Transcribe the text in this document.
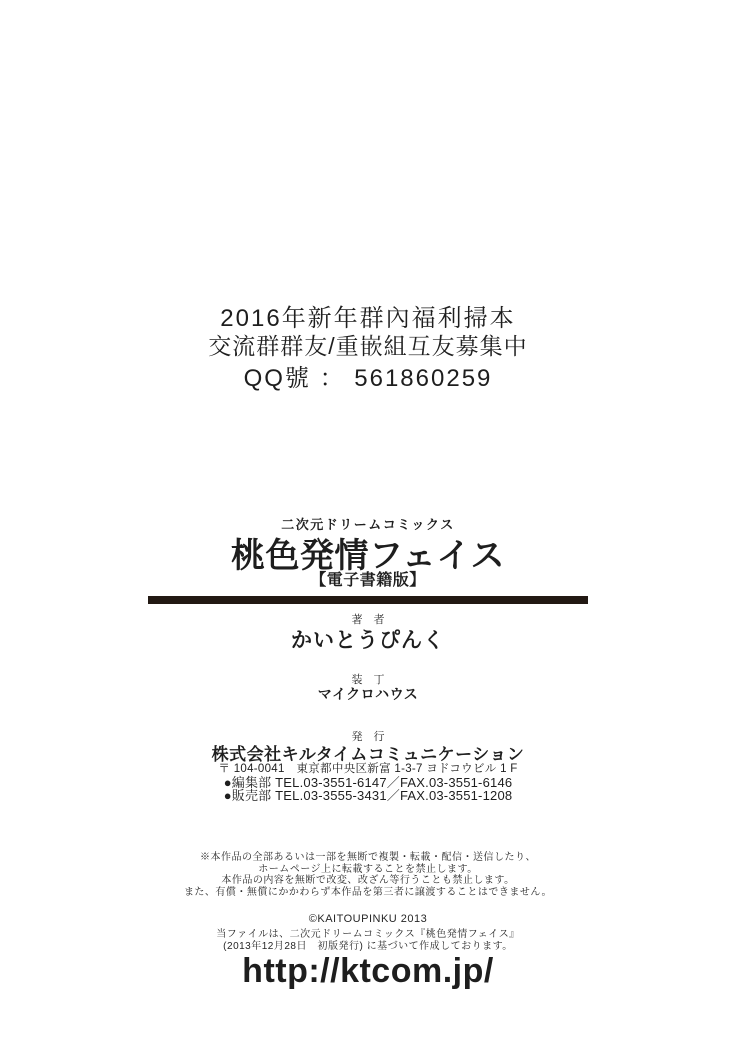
2016年新年群內福利掃本
交流群群友/重嵌組互友募集中
QQ號 ： 561860259
二次元ドリームコミックス
桃色発情フェイス
【電子書籍版】
著　者
かいとうぴんく
装　丁
マイクロハウス
発　行
株式会社キルタイムコミュニケーション
〒 104-0041　東京都中央区新富 1-3-7 ヨドコウビル 1 F
●編集部 TEL.03-3551-6147／FAX.03-3551-6146
●販売部 TEL.03-3555-3431／FAX.03-3551-1208
※本作品の全部あるいは一部を無断で複製・転載・配信・送信したり、
ホームページ上に転載することを禁止します。
本作品の内容を無断で改変、改ざん等行うことも禁止します。
また、有償・無償にかかわらず本作品を第三者に譲渡することはできません。
©KAITOUPINKU 2013
当ファイルは、二次元ドリームコミックス『桃色発情フェイス』
(2013年12月28日　初版発行) に基づいて作成しております。
http://ktcom.jp/
